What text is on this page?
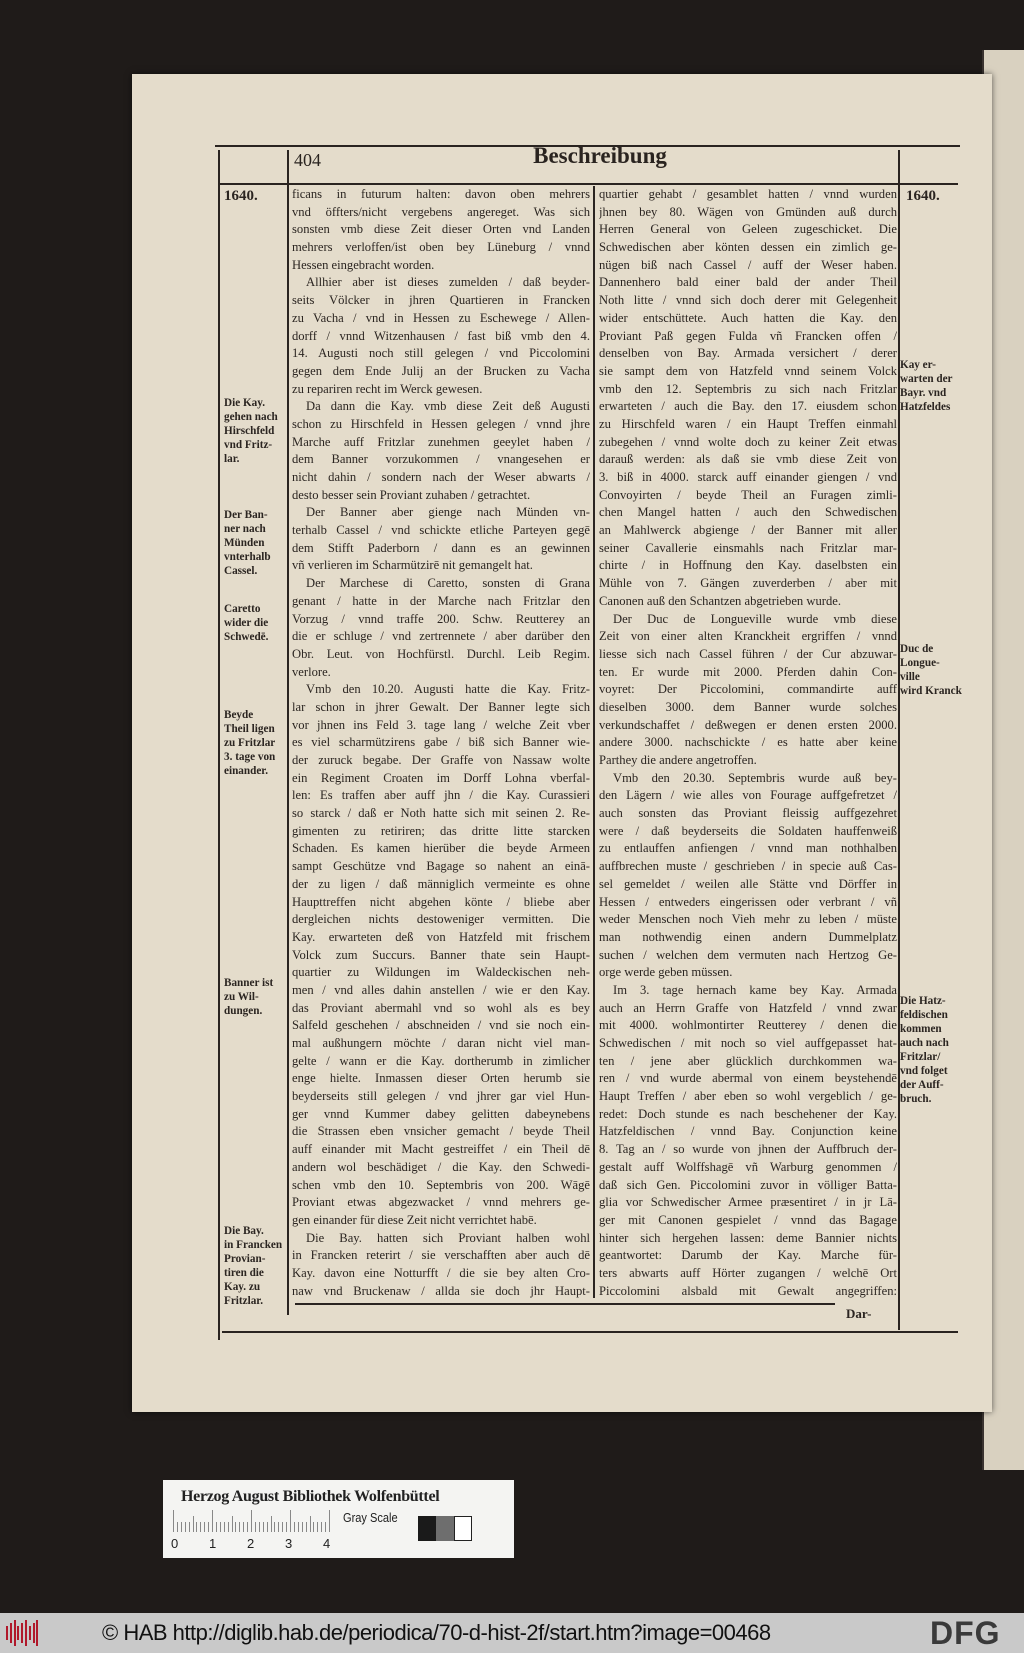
404	Beschreibung
1640.	1640.
ficans in futurum halten: davon oben mehrers
vnd öffters/nicht vergebens angereget. Was sich
sonsten vmb diese Zeit dieser Orten vnd Landen
mehrers verloffen/ist oben bey Lüneburg / vnnd
Hessen eingebracht worden.
Allhier aber ist dieses zumelden / daß beyder-
seits Völcker in jhren Quartieren in Francken
zu Vacha / vnd in Hessen zu Eschewege / Allen-
dorff / vnnd Witzenhausen / fast biß vmb den 4.
14. Augusti noch still gelegen / vnd Piccolomini
gegen dem Ende Julij an der Brucken zu Vacha
zu repariren recht im Werck gewesen.
Da dann die Kay. vmb diese Zeit deß Augusti
schon zu Hirschfeld in Hessen gelegen / vnnd jhre
Marche auff Fritzlar zunehmen geeylet haben /
dem Banner vorzukommen / vnangesehen er
nicht dahin / sondern nach der Weser abwarts /
desto besser sein Proviant zuhaben / getrachtet.
Der Banner aber gienge nach Münden vn-
terhalb Cassel / vnd schickte etliche Parteyen gegē
dem Stifft Paderborn / dann es an gewinnen
vñ verlieren im Scharmützirē nit gemangelt hat.
Der Marchese di Caretto, sonsten di Grana
genant / hatte in der Marche nach Fritzlar den
Vorzug / vnnd traffe 200. Schw. Reutterey an
die er schluge / vnd zertrennete / aber darüber den
Obr. Leut. von Hochfürstl. Durchl. Leib Regim.
verlore.
Vmb den 10.20. Augusti hatte die Kay. Fritz-
lar schon in jhrer Gewalt. Der Banner legte sich
vor jhnen ins Feld 3. tage lang / welche Zeit vber
es viel scharmützirens gabe / biß sich Banner wie-
der zuruck begabe. Der Graffe von Nassaw wolte
ein Regiment Croaten im Dorff Lohna vberfal-
len: Es traffen aber auff jhn / die Kay. Curassieri
so starck / daß er Noth hatte sich mit seinen 2. Re-
gimenten zu retiriren; das dritte litte starcken
Schaden. Es kamen hierüber die beyde Armeen
sampt Geschütze vnd Bagage so nahent an einā-
der zu ligen / daß männiglich vermeinte es ohne
Haupttreffen nicht abgehen könte / bliebe aber
dergleichen nichts destoweniger vermitten. Die
Kay. erwarteten deß von Hatzfeld mit frischem
Volck zum Succurs. Banner thate sein Haupt-
quartier zu Wildungen im Waldeckischen neh-
men / vnd alles dahin anstellen / wie er den Kay.
das Proviant abermahl vnd so wohl als es bey
Salfeld geschehen / abschneiden / vnd sie noch ein-
mal außhungern möchte / daran nicht viel man-
gelte / wann er die Kay. dortherumb in zimlicher
enge hielte. Inmassen dieser Orten herumb sie
beyderseits still gelegen / vnd jhrer gar viel Hun-
ger vnnd Kummer dabey gelitten dabeynebens
die Strassen eben vnsicher gemacht / beyde Theil
auff einander mit Macht gestreiffet / ein Theil dē
andern wol beschädiget / die Kay. den Schwedi-
schen vmb den 10. Septembris von 200. Wāgē
Proviant etwas abgezwacket / vnnd mehrers ge-
gen einander für diese Zeit nicht verrichtet habē.
Die Bay. hatten sich Proviant halben wohl
in Francken reterirt / sie verschafften aber auch dē
Kay. davon eine Notturfft / die sie bey alten Cro-
naw vnd Bruckenaw / allda sie doch jhr Haupt-
quartier gehabt / gesamblet hatten / vnnd wurden
jhnen bey 80. Wägen von Gmünden auß durch
Herren General von Geleen zugeschicket. Die
Schwedischen aber könten dessen ein zimlich ge-
nügen biß nach Cassel / auff der Weser haben.
Dannenhero bald einer bald der ander Theil
Noth litte / vnnd sich doch derer mit Gelegenheit
wider entschüttete. Auch hatten die Kay. den
Proviant Paß gegen Fulda vñ Francken offen /
denselben von Bay. Armada versichert / derer
sie sampt dem von Hatzfeld vnnd seinem Volck
vmb den 12. Septembris zu sich nach Fritzlar
erwarteten / auch die Bay. den 17. eiusdem schon
zu Hirschfeld waren / ein Haupt Treffen einmahl
zubegehen / vnnd wolte doch zu keiner Zeit etwas
darauß werden: als daß sie vmb diese Zeit von
3. biß in 4000. starck auff einander giengen / vnd
Convoyirten / beyde Theil an Furagen zimli-
chen Mangel hatten / auch den Schwedischen
an Mahlwerck abgienge / der Banner mit aller
seiner Cavallerie einsmahls nach Fritzlar mar-
chirte / in Hoffnung den Kay. daselbsten ein
Mühle von 7. Gängen zuverderben / aber mit
Canonen auß den Schantzen abgetrieben wurde.
Der Duc de Longueville wurde vmb diese
Zeit von einer alten Kranckheit ergriffen / vnnd
liesse sich nach Cassel führen / der Cur abzuwar-
ten. Er wurde mit 2000. Pferden dahin Con-
voyret: Der Piccolomini, commandirte auff
dieselben 3000. dem Banner wurde solches
verkundschaffet / deßwegen er denen ersten 2000.
andere 3000. nachschickte / es hatte aber keine
Parthey die andere angetroffen.
Vmb den 20.30. Septembris wurde auß bey-
den Lägern / wie alles von Fourage auffgefretzet /
auch sonsten das Proviant fleissig auffgezehret
were / daß beyderseits die Soldaten hauffenweiß
zu entlauffen anfiengen / vnnd man nothhalben
auffbrechen muste / geschrieben / in specie auß Cas-
sel gemeldet / weilen alle Stätte vnd Dörffer in
Hessen / entweders eingerissen oder verbrant / vñ
weder Menschen noch Vieh mehr zu leben / müste
man nothwendig einen andern Dummelplatz
suchen / welchen dem vermuten nach Hertzog Ge-
orge werde geben müssen.
Im 3. tage hernach kame bey Kay. Armada
auch an Herrn Graffe von Hatzfeld / vnnd zwar
mit 4000. wohlmontirter Reutterey / denen die
Schwedischen / mit noch so viel auffgepasset hat-
ten / jene aber glücklich durchkommen wa-
ren / vnd wurde abermal von einem beystehendē
Haupt Treffen / aber eben so wohl vergeblich / ge-
redet: Doch stunde es nach beschehener der Kay.
Hatzfeldischen / vnnd Bay. Conjunction keine
8. Tag an / so wurde von jhnen der Auffbruch der-
gestalt auff Wolffshagē vñ Warburg genommen /
daß sich Gen. Piccolomini zuvor in völliger Batta-
glia vor Schwedischer Armee præsentiret / in jr Lā-
ger mit Canonen gespielet / vnnd das Bagage
hinter sich hergehen lassen: deme Bannier nichts
geantwortet: Darumb der Kay. Marche für-
ters abwarts auff Hörter zugangen / welchē Ort
Piccolomini alsbald mit Gewalt angegriffen:
Die Kay.
gehen nach
Hirschfeld
vnd Fritz-
lar.
Der Ban-
ner nach
Münden
vnterhalb
Cassel.
Caretto
wider die
Schwedē.
Beyde
Theil ligen
zu Fritzlar
3. tage von
einander.
Banner ist
zu Wil-
dungen.
Die Bay.
in Francken
Provian-
tiren die
Kay. zu
Fritzlar.
Kay er-
warten der
Bayr. vnd
Hatzfeldes
Duc de
Longue-
ville
wird Kranck
Die Hatz-
feldischen
kommen
auch nach
Fritzlar/
vnd folget
der Auff-
bruch.
Dar-
Herzog August Bibliothek Wolfenbüttel
0 1 2 3 4
Gray Scale
© HAB http://diglib.hab.de/periodica/70-d-hist-2f/start.htm?image=00468	DFG
